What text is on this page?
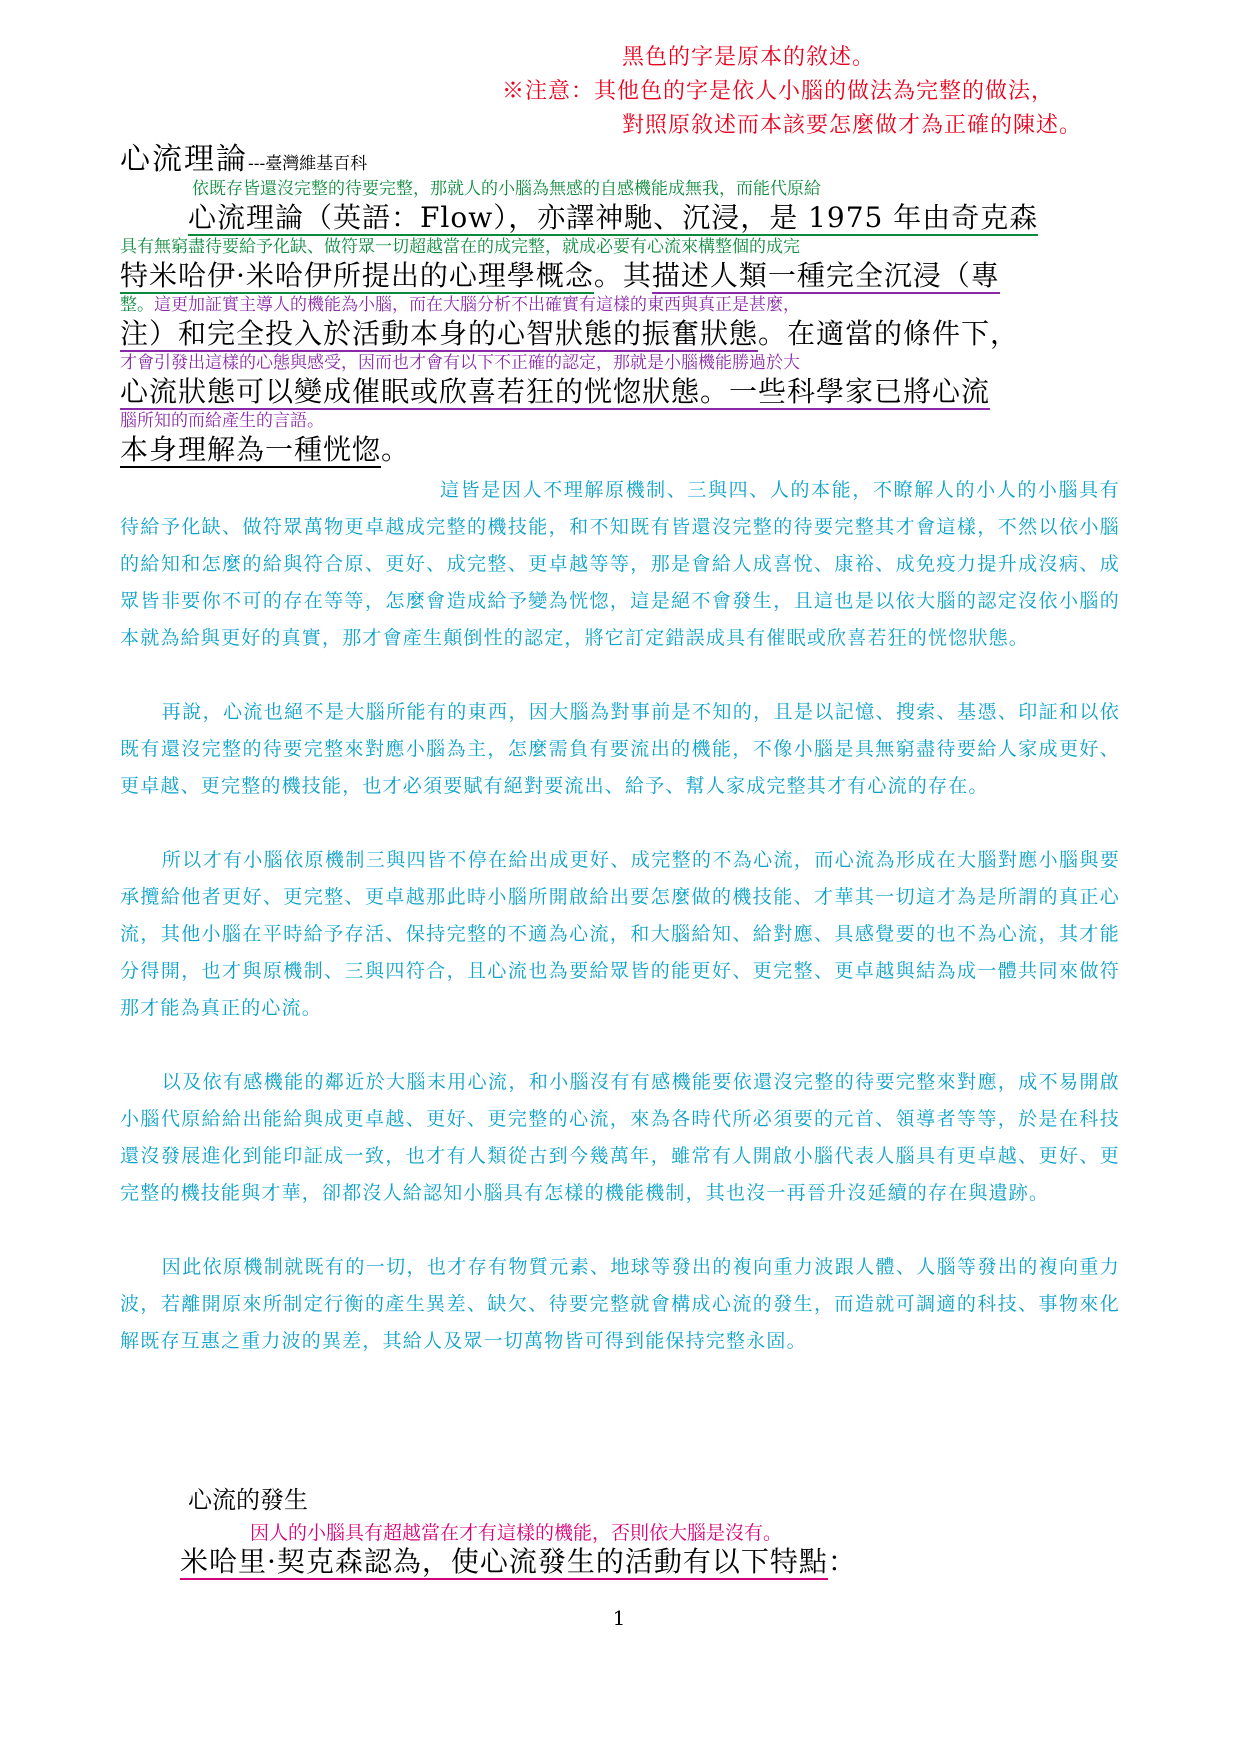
黑色的字是原本的敘述。
※注意：其他色的字是依人小腦的做法為完整的做法，
對照原敘述而本該要怎麼做才為正確的陳述。
心流理論---臺灣維基百科
依既存皆還沒完整的待要完整，那就人的小腦為無感的自感機能成無我，而能代原給
心流理論（英語：Flow），亦譯神馳、沉浸，是 1975 年由奇克森
具有無窮盡待要給予化缺、做符眾一切超越當在的成完整，就成必要有心流來構整個的成完
特米哈伊·米哈伊所提出的心理學概念。其描述人類一種完全沉浸（專
整。這更加証實主導人的機能為小腦，而在大腦分析不出確實有這樣的東西與真正是甚麼，
注）和完全投入於活動本身的心智狀態的振奮狀態。在適當的條件下，
才會引發出這樣的心態與感受，因而也才會有以下不正確的認定，那就是小腦機能勝過於大
心流狀態可以變成催眠或欣喜若狂的恍惚狀態。一些科學家已將心流
腦所知的而給產生的言語。
本身理解為一種恍惚。

這皆是因人不理解原機制、三與四、人的本能，不瞭解人的小人的小腦具有待給予化缺、做符眾萬物更卓越成完整的機技能，和不知既有皆還沒完整的待要完整其才會這樣，不然以依小腦的給知和怎麼的給與符合原、更好、成完整、更卓越等等，那是會給人成喜悅、康裕、成免疫力提升成沒病、成眾皆非要你不可的存在等等，怎麼會造成給予變為恍惚，這是絕不會發生，且這也是以依大腦的認定沒依小腦的本就為給與更好的真實，那才會產生顛倒性的認定，將它訂定錯誤成具有催眠或欣喜若狂的恍惚狀態。

再說，心流也絕不是大腦所能有的東西，因大腦為對事前是不知的，且是以記憶、搜索、基憑、印証和以依既有還沒完整的待要完整來對應小腦為主，怎麼需負有要流出的機能，不像小腦是具無窮盡待要給人家成更好、更卓越、更完整的機技能，也才必須要賦有絕對要流出、給予、幫人家成完整其才有心流的存在。

所以才有小腦依原機制三與四皆不停在給出成更好、成完整的不為心流，而心流為形成在大腦對應小腦與要承攬給他者更好、更完整、更卓越那此時小腦所開啟給出要怎麼做的機技能、才華其一切這才為是所謂的真正心流，其他小腦在平時給予存活、保持完整的不適為心流，和大腦給知、給對應、具感覺要的也不為心流，其才能分得開，也才與原機制、三與四符合，且心流也為要給眾皆的能更好、更完整、更卓越與結為成一體共同來做符那才能為真正的心流。

以及依有感機能的鄰近於大腦末用心流，和小腦沒有有感機能要依還沒完整的待要完整來對應，成不易開啟小腦代原給給出能給與成更卓越、更好、更完整的心流，來為各時代所必須要的元首、領導者等等，於是在科技還沒發展進化到能印証成一致，也才有人類從古到今幾萬年，雖常有人開啟小腦代表人腦具有更卓越、更好、更完整的機技能與才華，卻都沒人給認知小腦具有怎樣的機能機制，其也沒一再晉升沒延續的存在與遺跡。

因此依原機制就既有的一切，也才存有物質元素、地球等發出的複向重力波跟人體、人腦等發出的複向重力波，若離開原來所制定行衡的產生異差、缺欠、待要完整就會構成心流的發生，而造就可調適的科技、事物來化解既存互惠之重力波的異差，其給人及眾一切萬物皆可得到能保持完整永固。

心流的發生
因人的小腦具有超越當在才有這樣的機能，否則依大腦是沒有。
米哈里·契克森認為，使心流發生的活動有以下特點：
1
